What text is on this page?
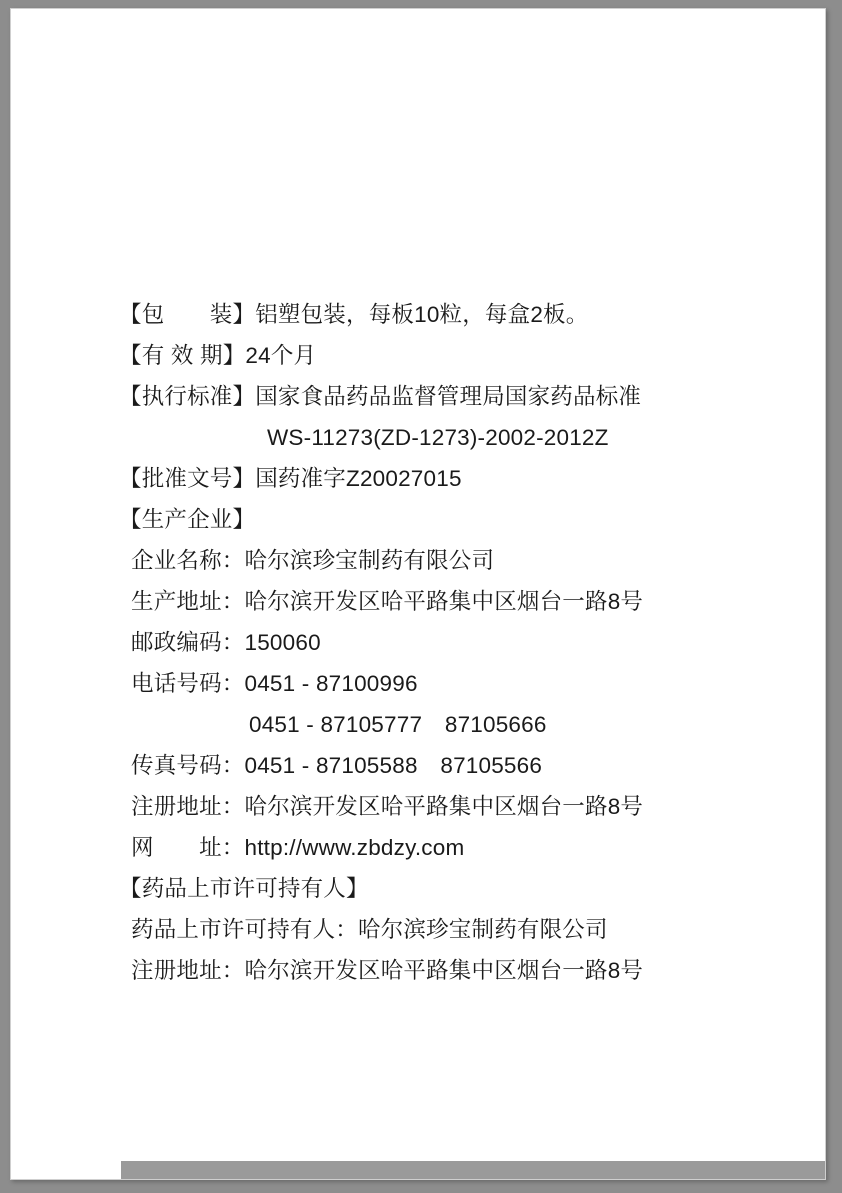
【包　　装】铝塑包装，每板10粒，每盒2板。
【有 效 期】24个月
【执行标准】国家食品药品监督管理局国家药品标准
WS-11273(ZD-1273)-2002-2012Z
【批准文号】国药准字Z20027015
【生产企业】
企业名称：哈尔滨珍宝制药有限公司
生产地址：哈尔滨开发区哈平路集中区烟台一路8号
邮政编码：150060
电话号码：0451 - 87100996
0451 - 87105777　87105666
传真号码：0451 - 87105588　87105566
注册地址：哈尔滨开发区哈平路集中区烟台一路8号
网　　址：http://www.zbdzy.com
【药品上市许可持有人】
药品上市许可持有人：哈尔滨珍宝制药有限公司
注册地址：哈尔滨开发区哈平路集中区烟台一路8号
